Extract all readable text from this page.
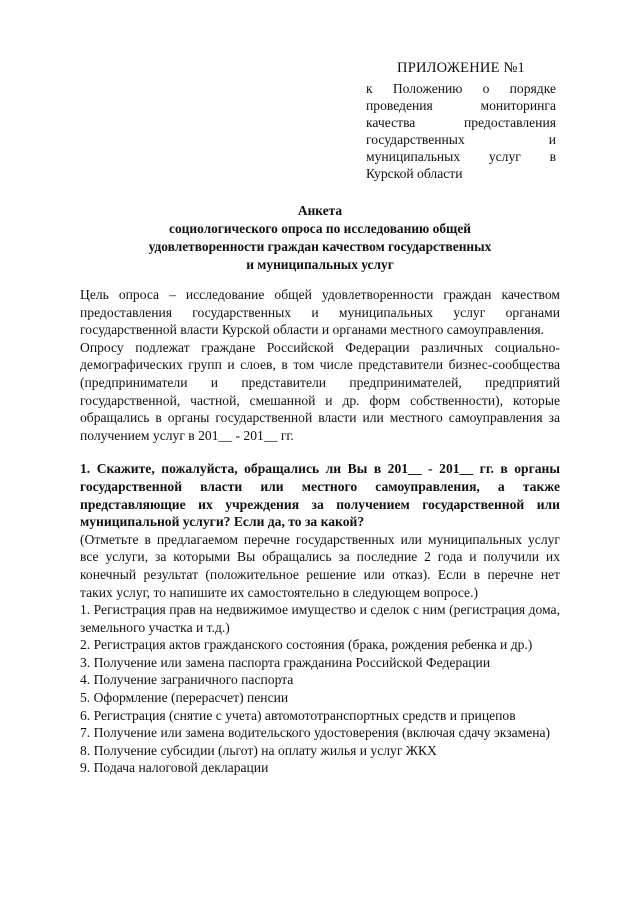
ПРИЛОЖЕНИЕ №1
к Положению о порядке
проведения мониторинга
качества предоставления
государственных и
муниципальных услуг в
Курской области
Анкета
социологического опроса по исследованию общей
удовлетворенности граждан качеством государственных
и муниципальных услуг

Цель опроса – исследование общей удовлетворенности граждан качеством предоставления государственных и муниципальных услуг органами государственной власти Курской области и органами местного самоуправления.

Опросу подлежат граждане Российской Федерации различных социально-демографических групп и слоев, в том числе представители бизнес-сообщества (предприниматели и представители предпринимателей, предприятий государственной, частной, смешанной и др. форм собственности), которые обращались в органы государственной власти или местного самоуправления за получением услуг в 201__ - 201__ гг.

1. Скажите, пожалуйста, обращались ли Вы в 201__ - 201__ гг. в органы государственной власти или местного самоуправления, а также представляющие их учреждения за получением государственной или муниципальной услуги? Если да, то за какой?

(Отметьте в предлагаемом перечне государственных или муниципальных услуг все услуги, за которыми Вы обращались за последние 2 года и получили их конечный результат (положительное решение или отказ). Если в перечне нет таких услуг, то напишите их самостоятельно в следующем вопросе.)

1. Регистрация прав на недвижимое имущество и сделок с ним (регистрация дома, земельного участка и т.д.)

2. Регистрация актов гражданского состояния (брака, рождения ребенка и др.)

3. Получение или замена паспорта гражданина Российской Федерации

4. Получение заграничного паспорта

5. Оформление (перерасчет) пенсии

6. Регистрация (снятие с учета) автомототранспортных средств и прицепов

7. Получение или замена водительского удостоверения (включая сдачу экзамена)

8. Получение субсидии (льгот) на оплату жилья и услуг ЖКХ

9. Подача налоговой декларации
